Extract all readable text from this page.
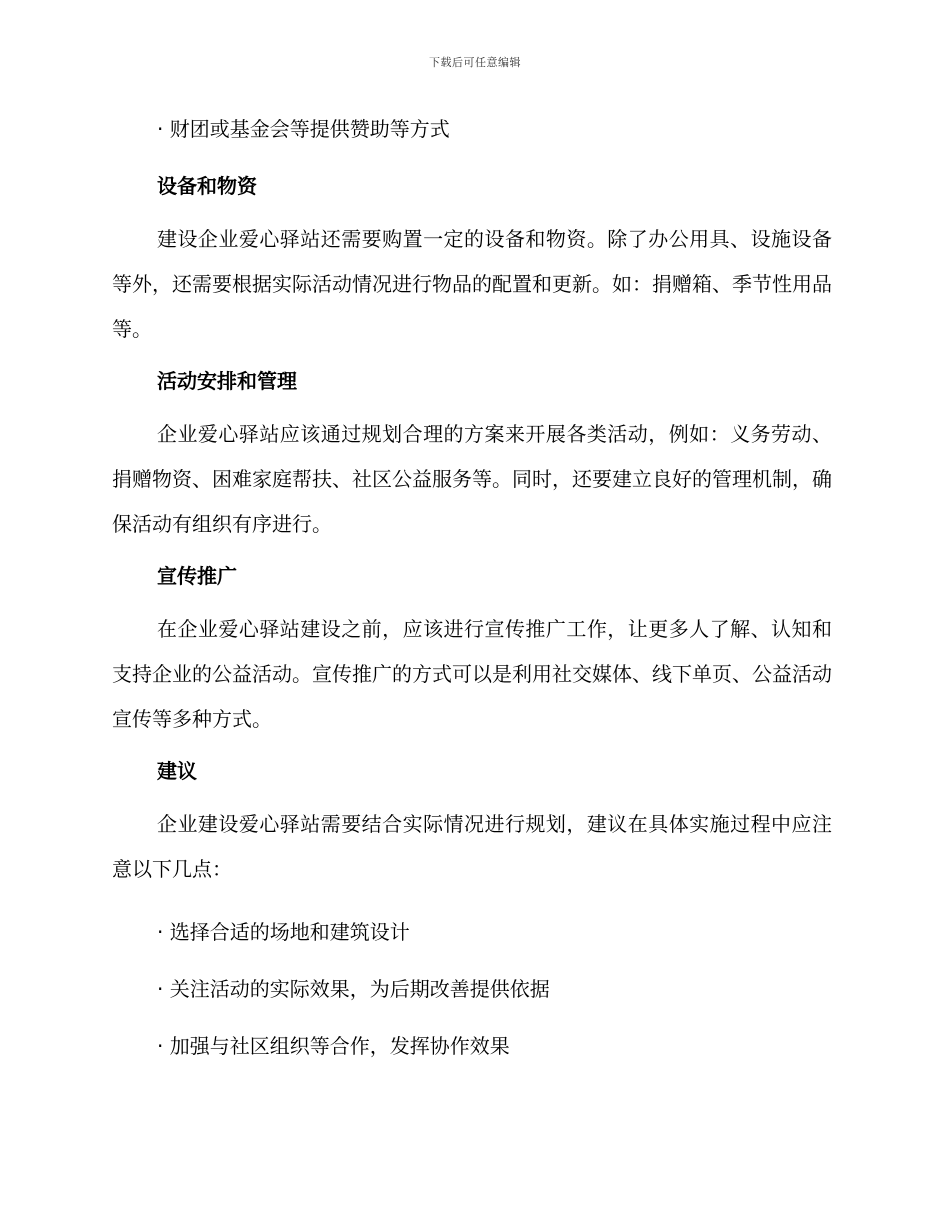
下载后可任意编辑

· 财团或基金会等提供赞助等方式

设备和物资

建设企业爱心驿站还需要购置一定的设备和物资。除了办公用具、设施设备等外，还需要根据实际活动情况进行物品的配置和更新。如：捐赠箱、季节性用品等。

活动安排和管理

企业爱心驿站应该通过规划合理的方案来开展各类活动，例如：义务劳动、捐赠物资、困难家庭帮扶、社区公益服务等。同时，还要建立良好的管理机制，确保活动有组织有序进行。

宣传推广

在企业爱心驿站建设之前，应该进行宣传推广工作，让更多人了解、认知和支持企业的公益活动。宣传推广的方式可以是利用社交媒体、线下单页、公益活动宣传等多种方式。

建议

企业建设爱心驿站需要结合实际情况进行规划，建议在具体实施过程中应注意以下几点：

· 选择合适的场地和建筑设计

· 关注活动的实际效果，为后期改善提供依据

· 加强与社区组织等合作，发挥协作效果
